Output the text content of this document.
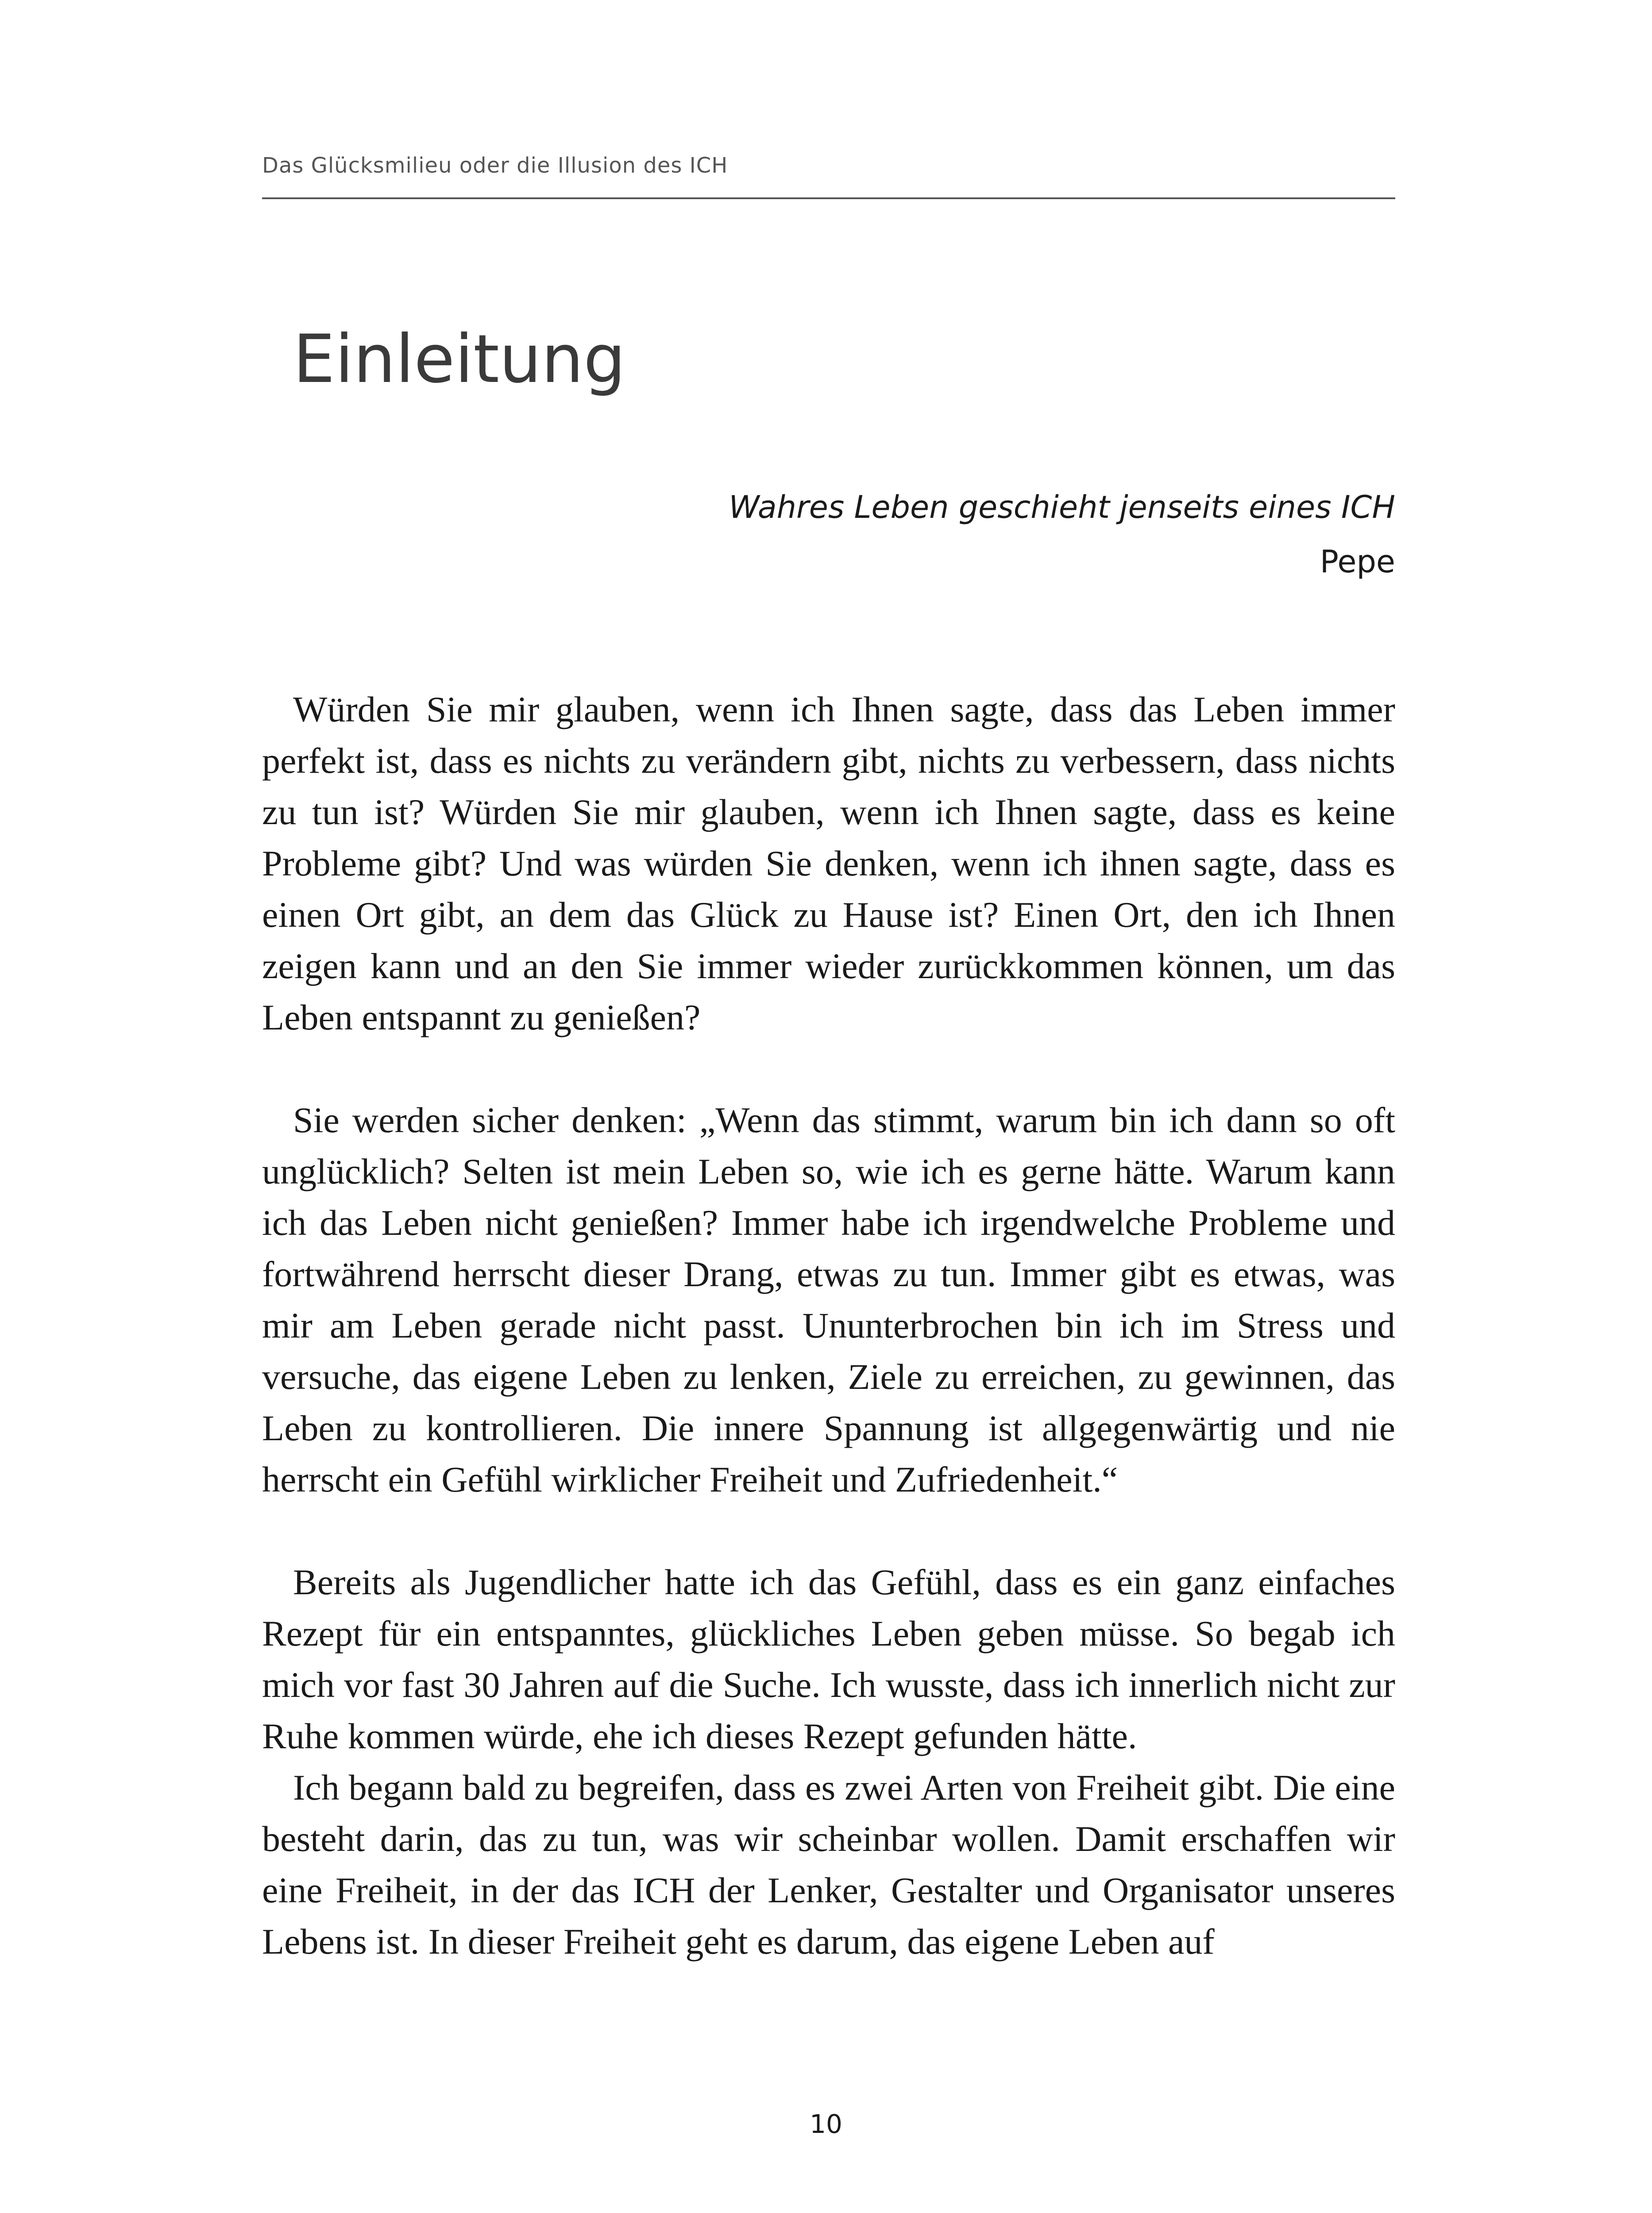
Das Glücksmilieu oder die Illusion des ICH
Einleitung
Wahres Leben geschieht jenseits eines ICH
Pepe

Würden Sie mir glauben, wenn ich Ihnen sagte, dass das Leben immer perfekt ist, dass es nichts zu verändern gibt, nichts zu verbessern, dass nichts zu tun ist? Würden Sie mir glauben, wenn ich Ihnen sagte, dass es keine Probleme gibt? Und was würden Sie denken, wenn ich ihnen sagte, dass es einen Ort gibt, an dem das Glück zu Hause ist? Einen Ort, den ich Ihnen zeigen kann und an den Sie immer wieder zurückkommen können, um das Leben entspannt zu genießen?

Sie werden sicher denken: „Wenn das stimmt, warum bin ich dann so oft unglücklich? Selten ist mein Leben so, wie ich es gerne hätte. Warum kann ich das Leben nicht genießen? Immer habe ich irgendwelche Probleme und fortwährend herrscht dieser Drang, etwas zu tun. Immer gibt es etwas, was mir am Leben gerade nicht passt. Ununterbrochen bin ich im Stress und versuche, das eigene Leben zu lenken, Ziele zu erreichen, zu gewinnen, das Leben zu kontrollieren. Die innere Spannung ist allgegenwärtig und nie herrscht ein Gefühl wirklicher Freiheit und Zufriedenheit.“

Bereits als Jugendlicher hatte ich das Gefühl, dass es ein ganz einfaches Rezept für ein entspanntes, glückliches Leben geben müsse. So begab ich mich vor fast 30 Jahren auf die Suche. Ich wusste, dass ich innerlich nicht zur Ruhe kommen würde, ehe ich dieses Rezept gefunden hätte.

Ich begann bald zu begreifen, dass es zwei Arten von Freiheit gibt. Die eine besteht darin, das zu tun, was wir scheinbar wollen. Damit erschaffen wir eine Freiheit, in der das ICH der Lenker, Gestalter und Organisator unseres Lebens ist. In dieser Freiheit geht es darum, das eigene Leben auf

10
